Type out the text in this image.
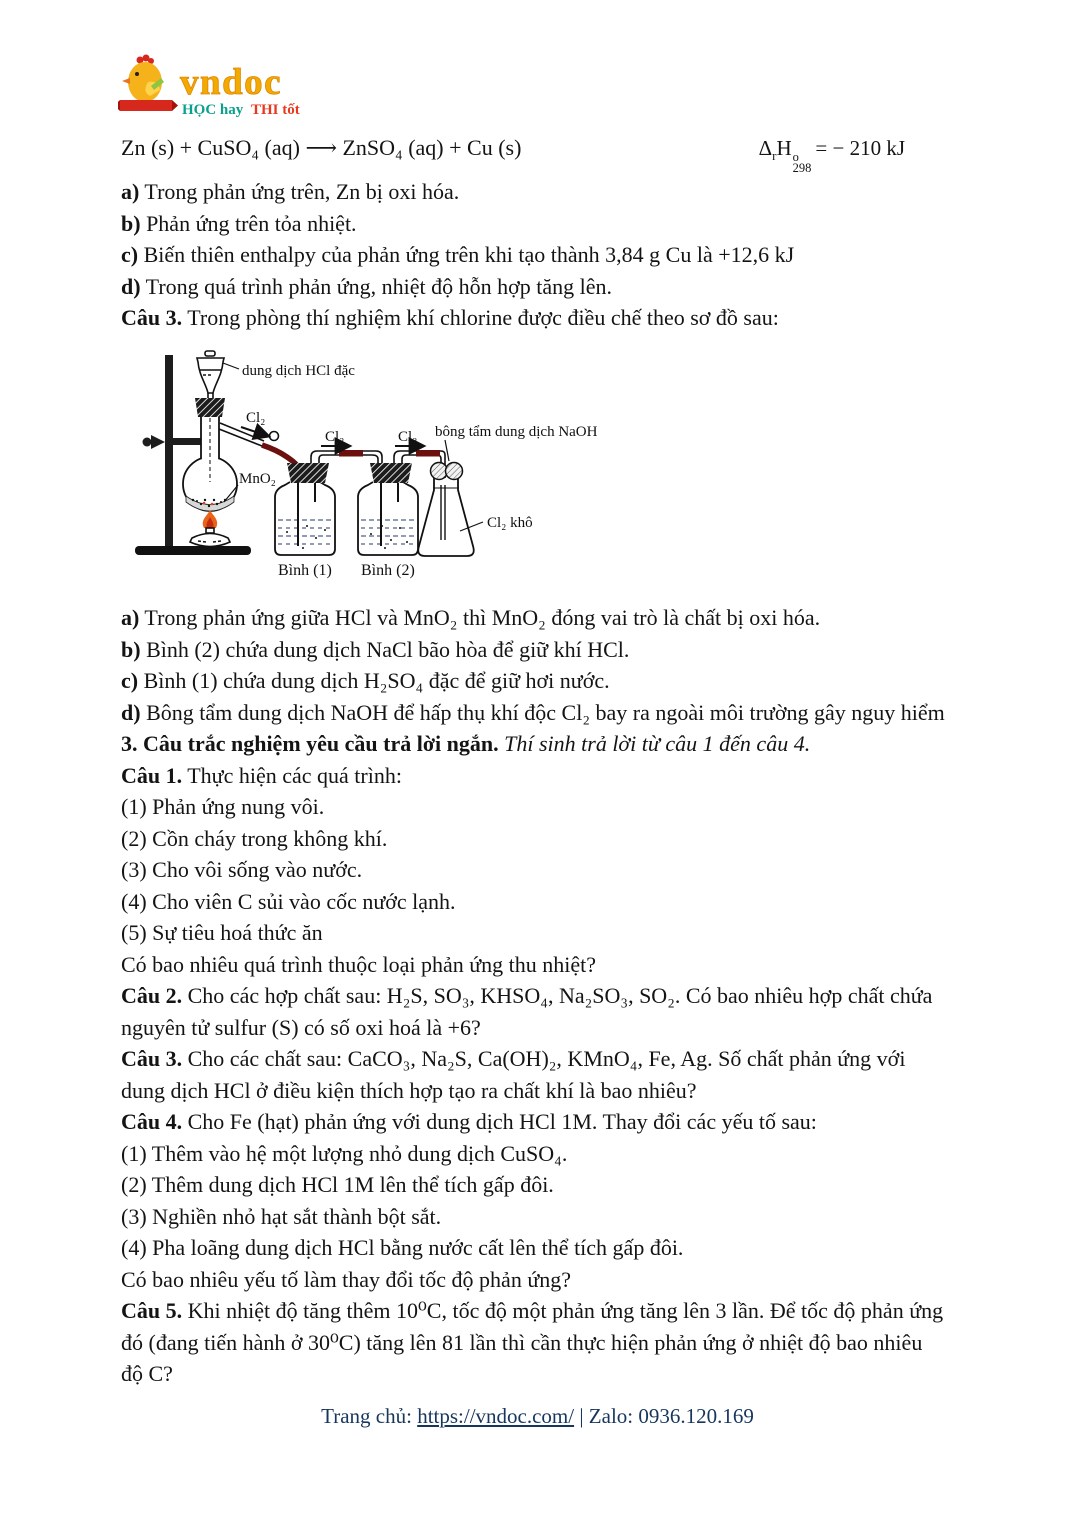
vndoc
HỌC hay THI tốt
Zn (s) + CuSO₄ (aq) ⟶ ZnSO₄ (aq) + Cu (s)	$\Delta_rH$ o
298
= − 210 kJ
a) Trong phản ứng trên, Zn bị oxi hóa.
b) Phản ứng trên tỏa nhiệt.
c) Biến thiên enthalpy của phản ứng trên khi tạo thành 3,84 g Cu là +12,6 kJ
d) Trong quá trình phản ứng, nhiệt độ hỗn hợp tăng lên.
Câu 3. Trong phòng thí nghiệm khí chlorine được điều chế theo sơ đồ sau:
dung dịch HCl đặc
Cl₂
Cl₂	Cl₂
MnO₂
bông tẩm dung dịch NaOH
Cl₂ khô
Bình (1) Bình (2)
a) Trong phản ứng giữa HCl và MnO₂ thì MnO₂ đóng vai trò là chất bị oxi hóa.
b) Bình (2) chứa dung dịch NaCl bão hòa để giữ khí HCl.
c) Bình (1) chứa dung dịch H₂SO₄ đặc để giữ hơi nước.
d) Bông tẩm dung dịch NaOH để hấp thụ khí độc Cl₂ bay ra ngoài môi trường gây nguy hiểm
3. Câu trắc nghiệm yêu cầu trả lời ngắn. Thí sinh trả lời từ câu 1 đến câu 4.
Câu 1. Thực hiện các quá trình:
(1) Phản ứng nung vôi.
(2) Cồn cháy trong không khí.
(3) Cho vôi sống vào nước.
(4) Cho viên C sủi vào cốc nước lạnh.
(5) Sự tiêu hoá thức ăn
Có bao nhiêu quá trình thuộc loại phản ứng thu nhiệt?
Câu 2. Cho các hợp chất sau: H₂S, SO₃, KHSO₄, Na₂SO₃, SO₂. Có bao nhiêu hợp chất chứa
nguyên tử sulfur (S) có số oxi hoá là +6?
Câu 3. Cho các chất sau: CaCO₃, Na₂S, Ca(OH)₂, KMnO₄, Fe, Ag. Số chất phản ứng với
dung dịch HCl ở điều kiện thích hợp tạo ra chất khí là bao nhiêu?
Câu 4. Cho Fe (hạt) phản ứng với dung dịch HCl 1M. Thay đổi các yếu tố sau:
(1) Thêm vào hệ một lượng nhỏ dung dịch CuSO₄.
(2) Thêm dung dịch HCl 1M lên thể tích gấp đôi.
(3) Nghiền nhỏ hạt sắt thành bột sắt.
(4) Pha loãng dung dịch HCl bằng nước cất lên thể tích gấp đôi.
Có bao nhiêu yếu tố làm thay đổi tốc độ phản ứng?
Câu 5. Khi nhiệt độ tăng thêm 10⁰C, tốc độ một phản ứng tăng lên 3 lần. Để tốc độ phản ứng
đó (đang tiến hành ở 30⁰C) tăng lên 81 lần thì cần thực hiện phản ứng ở nhiệt độ bao nhiêu
độ C?
Trang chủ: https://vndoc.com/ | Zalo: 0936.120.169
